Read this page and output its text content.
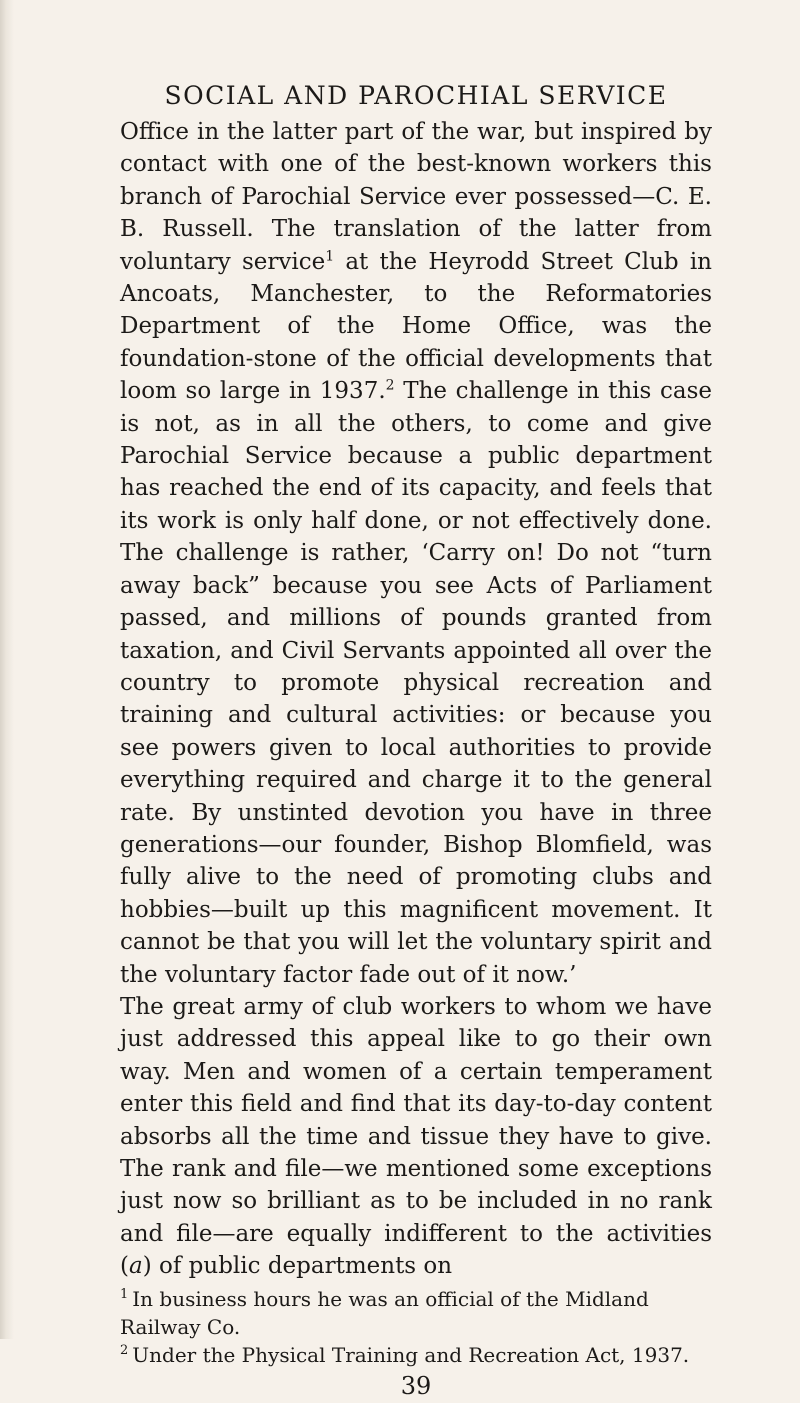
SOCIAL AND PAROCHIAL SERVICE

Office in the latter part of the war, but inspired by contact with one of the best-known workers this branch of Parochial Service ever possessed—C. E. B. Russell. The translation of the latter from voluntary service$^1$ at the Heyrodd Street Club in Ancoats, Manchester, to the Reformatories Department of the Home Office, was the foundation-stone of the official developments that loom so large in 1937.$^2$ The challenge in this case is not, as in all the others, to come and give Parochial Service because a public department has reached the end of its capacity, and feels that its work is only half done, or not effectively done. The challenge is rather, ‘Carry on! Do not “turn away back” because you see Acts of Parliament passed, and millions of pounds granted from taxation, and Civil Servants appointed all over the country to promote physical recreation and training and cultural activities: or because you see powers given to local authorities to provide everything required and charge it to the general rate. By unstinted devotion you have in three generations—our founder, Bishop Blomfield, was fully alive to the need of promoting clubs and hobbies—built up this magnificent movement. It cannot be that you will let the voluntary spirit and the voluntary factor fade out of it now.’

The great army of club workers to whom we have just addressed this appeal like to go their own way. Men and women of a certain temperament enter this field and find that its day-to-day content absorbs all the time and tissue they have to give. The rank and file—we mentioned some exceptions just now so brilliant as to be included in no rank and file—are equally indifferent to the activities (a) of public departments on

$^1$ In business hours he was an official of the Midland Railway Co.

$^2$ Under the Physical Training and Recreation Act, 1937.

39
